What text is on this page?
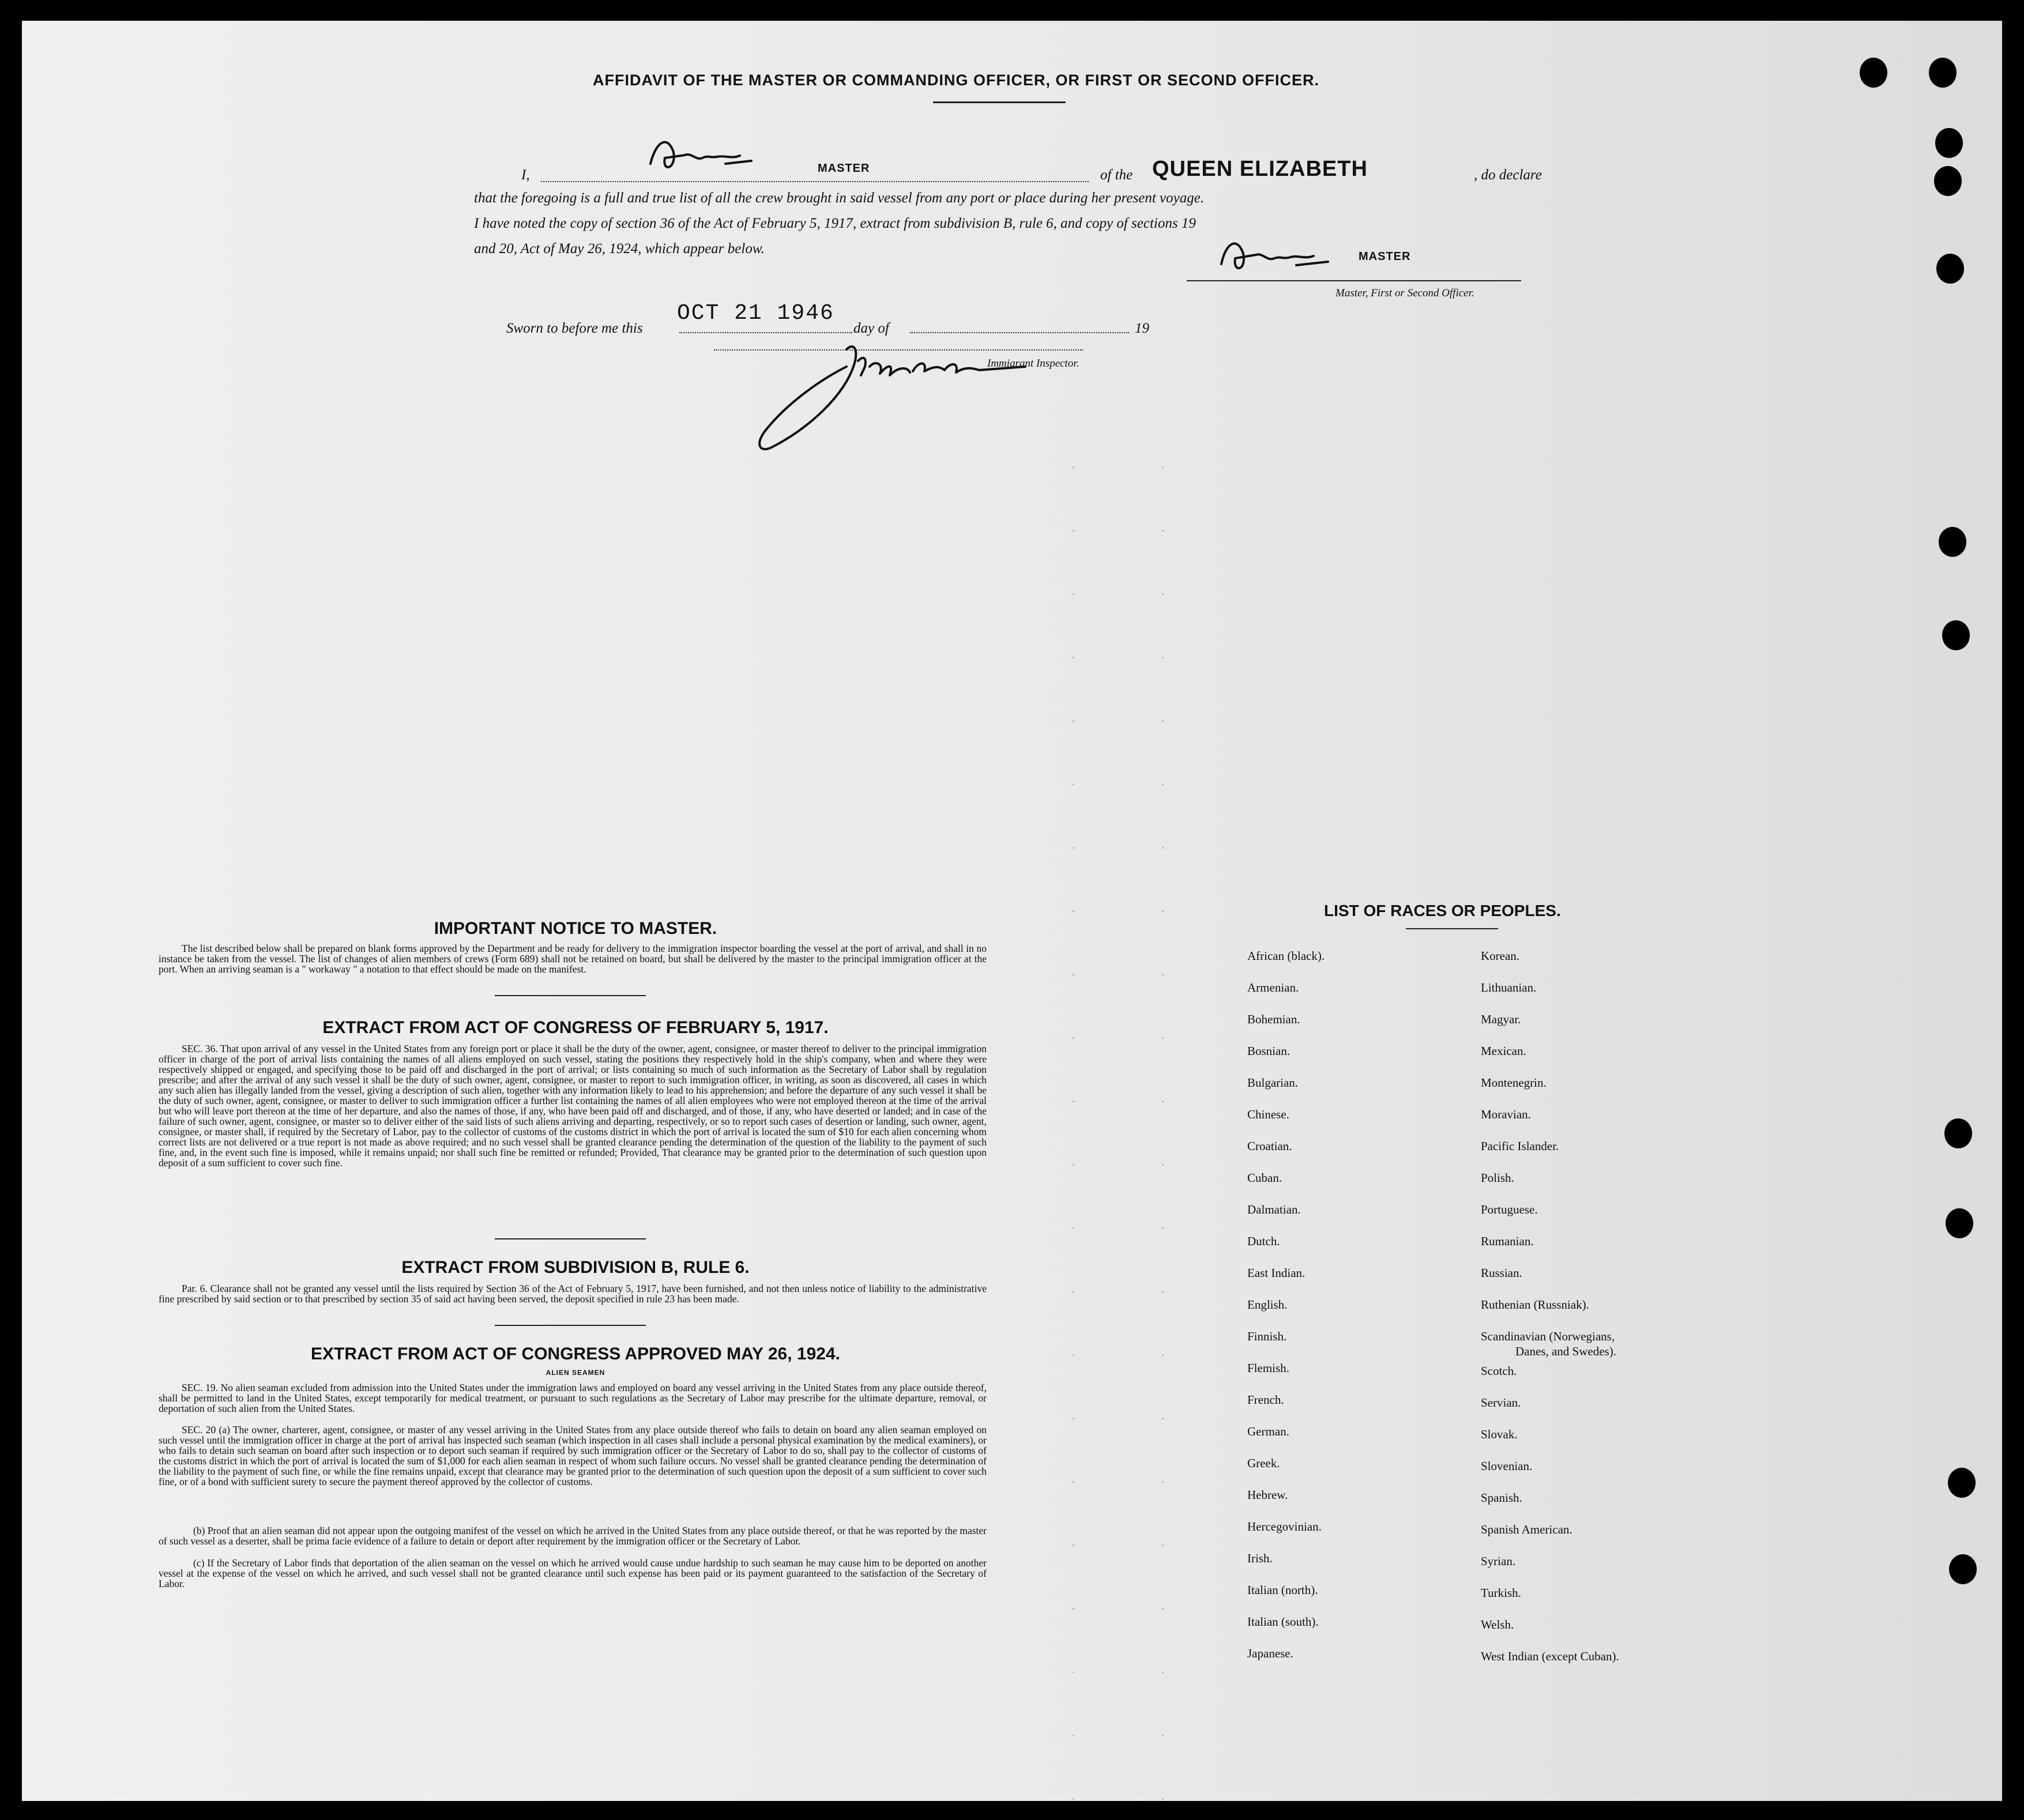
AFFIDAVIT OF THE MASTER OR COMMANDING OFFICER, OR FIRST OR SECOND OFFICER.
I,	MASTER	of the QUEEN ELIZABETH	, do declare
that the foregoing is a full and true list of all the crew brought in said vessel from any port or place during her present voyage.
I have noted the copy of section 36 of the Act of February 5, 1917, extract from subdivision B, rule 6, and copy of sections 19
and 20, Act of May 26, 1924, which appear below.	MASTER
Master, First or Second Officer.
Sworn to before me this
OCT 21 1946
day of	19
Immigrant Inspector.
·
·
·
·
·
·
·
·
·
·
·
·
·
·
·
·
·
·
·
·
·
·
·
·
·
·
·
·
·
·
·
·
·
·
·
·
·
·
·
·
·
·
·
·
IMPORTANT NOTICE TO MASTER.
The list described below shall be prepared on blank forms approved by the Department and be ready for delivery to the immigration inspector boarding the vessel at the port of arrival, and shall in no instance be taken from the vessel. The list of changes of alien members of crews (Form 689) shall not be retained on board, but shall be delivered by the master to the principal immigration officer at the port. When an arriving seaman is a " workaway " a notation to that effect should be made on the manifest.
EXTRACT FROM ACT OF CONGRESS OF FEBRUARY 5, 1917.
SEC. 36. That upon arrival of any vessel in the United States from any foreign port or place it shall be the duty of the owner, agent, consignee, or master thereof to deliver to the principal immigration officer in charge of the port of arrival lists containing the names of all aliens employed on such vessel, stating the positions they respectively hold in the ship's company, when and where they were respectively shipped or engaged, and specifying those to be paid off and discharged in the port of arrival; or lists containing so much of such information as the Secretary of Labor shall by regulation prescribe; and after the arrival of any such vessel it shall be the duty of such owner, agent, consignee, or master to report to such immigration officer, in writing, as soon as discovered, all cases in which any such alien has illegally landed from the vessel, giving a description of such alien, together with any information likely to lead to his apprehension; and before the departure of any such vessel it shall be the duty of such owner, agent, consignee, or master to deliver to such immigration officer a further list containing the names of all alien employees who were not employed thereon at the time of the arrival but who will leave port thereon at the time of her departure, and also the names of those, if any, who have been paid off and discharged, and of those, if any, who have deserted or landed; and in case of the failure of such owner, agent, consignee, or master so to deliver either of the said lists of such aliens arriving and departing, respectively, or so to report such cases of desertion or landing, such owner, agent, consignee, or master shall, if required by the Secretary of Labor, pay to the collector of customs of the customs district in which the port of arrival is located the sum of $10 for each alien concerning whom correct lists are not delivered or a true report is not made as above required; and no such vessel shall be granted clearance pending the determination of the question of the liability to the payment of such fine, and, in the event such fine is imposed, while it remains unpaid; nor shall such fine be remitted or refunded; Provided, That clearance may be granted prior to the determination of such question upon deposit of a sum sufficient to cover such fine.
EXTRACT FROM SUBDIVISION B, RULE 6.
Par. 6. Clearance shall not be granted any vessel until the lists required by Section 36 of the Act of February 5, 1917, have been furnished, and not then unless notice of liability to the administrative fine prescribed by said section or to that prescribed by section 35 of said act having been served, the deposit specified in rule 23 has been made.
EXTRACT FROM ACT OF CONGRESS APPROVED MAY 26, 1924.
ALIEN SEAMEN
SEC. 19. No alien seaman excluded from admission into the United States under the immigration laws and employed on board any vessel arriving in the United States from any place outside thereof, shall be permitted to land in the United States, except temporarily for medical treatment, or pursuant to such regulations as the Secretary of Labor may prescribe for the ultimate departure, removal, or deportation of such alien from the United States.
SEC. 20 (a) The owner, charterer, agent, consignee, or master of any vessel arriving in the United States from any place outside thereof who fails to detain on board any alien seaman employed on such vessel until the immigration officer in charge at the port of arrival has inspected such seaman (which inspection in all cases shall include a personal physical examination by the medical examiners), or who fails to detain such seaman on board after such inspection or to deport such seaman if required by such immigration officer or the Secretary of Labor to do so, shall pay to the collector of customs of the customs district in which the port of arrival is located the sum of $1,000 for each alien seaman in respect of whom such failure occurs. No vessel shall be granted clearance pending the determination of the liability to the payment of such fine, or while the fine remains unpaid, except that clearance may be granted prior to the determination of such question upon the deposit of a sum sufficient to cover such fine, or of a bond with sufficient surety to secure the payment thereof approved by the collector of customs.
(b) Proof that an alien seaman did not appear upon the outgoing manifest of the vessel on which he arrived in the United States from any place outside thereof, or that he was reported by the master of such vessel as a deserter, shall be prima facie evidence of a failure to detain or deport after requirement by the immigration officer or the Secretary of Labor.
(c) If the Secretary of Labor finds that deportation of the alien seaman on the vessel on which he arrived would cause undue hardship to such seaman he may cause him to be deported on another vessel at the expense of the vessel on which he arrived, and such vessel shall not be granted clearance until such expense has been paid or its payment guaranteed to the satisfaction of the Secretary of Labor.
LIST OF RACES OR PEOPLES.
African (black).
Armenian.
Bohemian.
Bosnian.
Bulgarian.
Chinese.
Croatian.
Cuban.
Dalmatian.
Dutch.
East Indian.
English.
Finnish.
Flemish.
French.
German.
Greek.
Hebrew.
Hercegovinian.
Irish.
Italian (north).
Italian (south).
Japanese.
Korean.
Lithuanian.
Magyar.
Mexican.
Montenegrin.
Moravian.
Pacific Islander.
Polish.
Portuguese.
Rumanian.
Russian.
Ruthenian (Russniak).
Scandinavian (Norwegians,
Danes, and Swedes).
Scotch.
Servian.
Slovak.
Slovenian.
Spanish.
Spanish American.
Syrian.
Turkish.
Welsh.
West Indian (except Cuban).
